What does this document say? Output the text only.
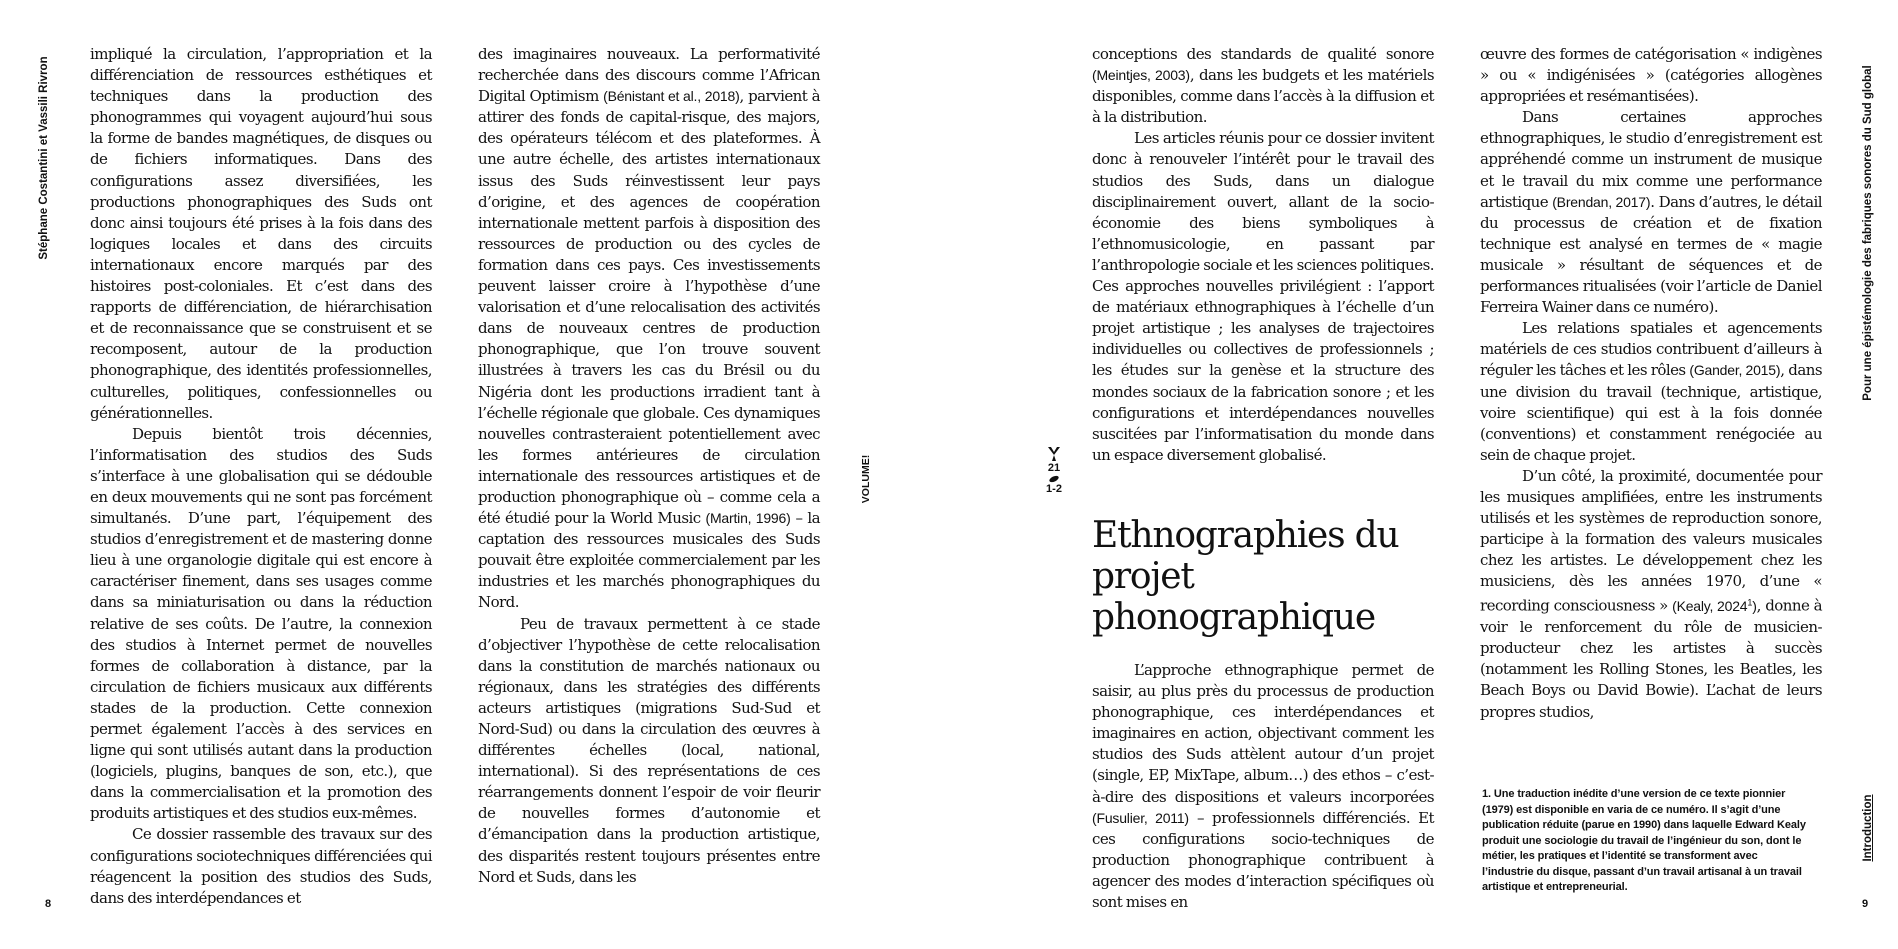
Stéphane Costantini et Vassili Rivron

impliqué la circulation, l’appropriation et la différenciation de ressources esthétiques et techniques dans la production des phonogrammes qui voyagent aujourd’hui sous la forme de bandes magnétiques, de disques ou de fichiers informatiques. Dans des configurations assez diversifiées, les productions phonographiques des Suds ont donc ainsi toujours été prises à la fois dans des logiques locales et dans des circuits internationaux encore marqués par des histoires post-coloniales. Et c’est dans des rapports de différenciation, de hiérarchisation et de reconnaissance que se construisent et se recomposent, autour de la production phonographique, des identités professionnelles, culturelles, politiques, confessionnelles ou générationnelles.

Depuis bientôt trois décennies, l’informatisation des studios des Suds s’interface à une globalisation qui se dédouble en deux mouvements qui ne sont pas forcément simultanés. D’une part, l’équipement des studios d’enregistrement et de mastering donne lieu à une organologie digitale qui est encore à caractériser finement, dans ses usages comme dans sa miniaturisation ou dans la réduction relative de ses coûts. De l’autre, la connexion des studios à Internet permet de nouvelles formes de collaboration à distance, par la circulation de fichiers musicaux aux différents stades de la production. Cette connexion permet également l’accès à des services en ligne qui sont utilisés autant dans la production (logiciels, plugins, banques de son, etc.), que dans la commercialisation et la promotion des produits artistiques et des studios eux-mêmes.

Ce dossier rassemble des travaux sur des configurations sociotechniques différenciées qui réagencent la position des studios des Suds, dans des interdépendances et

des imaginaires nouveaux. La performativité recherchée dans des discours comme l’African Digital Optimism (Bénistant et al., 2018), parvient à attirer des fonds de capital-risque, des majors, des opérateurs télécom et des plateformes. À une autre échelle, des artistes internationaux issus des Suds réinvestissent leur pays d’origine, et des agences de coopération internationale mettent parfois à disposition des ressources de production ou des cycles de formation dans ces pays. Ces investissements peuvent laisser croire à l’hypothèse d’une valorisation et d’une relocalisation des activités dans de nouveaux centres de production phonographique, que l’on trouve souvent illustrées à travers les cas du Brésil ou du Nigéria dont les productions irradient tant à l’échelle régionale que globale. Ces dynamiques nouvelles contrasteraient potentiellement avec les formes antérieures de circulation internationale des ressources artistiques et de production phonographique où – comme cela a été étudié pour la World Music (Martin, 1996) – la captation des ressources musicales des Suds pouvait être exploitée commercialement par les industries et les marchés phonographiques du Nord.

Peu de travaux permettent à ce stade d’objectiver l’hypothèse de cette relocalisation dans la constitution de marchés nationaux ou régionaux, dans les stratégies des différents acteurs artistiques (migrations Sud-Sud et Nord-Sud) ou dans la circulation des œuvres à différentes échelles (local, national, international). Si des représentations de ces réarrangements donnent l’espoir de voir fleurir de nouvelles formes d’autonomie et d’émancipation dans la production artistique, des disparités restent toujours présentes entre Nord et Suds, dans les

VOLUME!	21
1-2

conceptions des standards de qualité sonore (Meintjes, 2003), dans les budgets et les matériels disponibles, comme dans l’accès à la diffusion et à la distribution.

Les articles réunis pour ce dossier invitent donc à renouveler l’intérêt pour le travail des studios des Suds, dans un dialogue disciplinairement ouvert, allant de la socio-économie des biens symboliques à l’ethnomusicologie, en passant par l’anthropologie sociale et les sciences politiques. Ces approches nouvelles privilégient : l’apport de matériaux ethnographiques à l’échelle d’un projet artistique ; les analyses de trajectoires individuelles ou collectives de professionnels ; les études sur la genèse et la structure des mondes sociaux de la fabrication sonore ; et les configurations et interdépendances nouvelles suscitées par l’informatisation du monde dans un espace diversement globalisé.

Ethnographies du projet phonographique

L’approche ethnographique permet de saisir, au plus près du processus de production phonographique, ces interdépendances et imaginaires en action, objectivant comment les studios des Suds attèlent autour d’un projet (single, EP, MixTape, album…) des ethos – c’est-à-dire des dispositions et valeurs incorporées (Fusulier, 2011) – professionnels différenciés. Et ces configurations socio-techniques de production phonographique contribuent à agencer des modes d’interaction spécifiques où sont mises en

œuvre des formes de catégorisation « indigènes » ou « indigénisées » (catégories allogènes appropriées et resémantisées).

Dans certaines approches ethnographiques, le studio d’enregistrement est appréhendé comme un instrument de musique et le travail du mix comme une performance artistique (Brendan, 2017). Dans d’autres, le détail du processus de création et de fixation technique est analysé en termes de « magie musicale » résultant de séquences et de performances ritualisées (voir l’article de Daniel Ferreira Wainer dans ce numéro).

Les relations spatiales et agencements matériels de ces studios contribuent d’ailleurs à réguler les tâches et les rôles (Gander, 2015), dans une division du travail (technique, artistique, voire scientifique) qui est à la fois donnée (conventions) et constamment renégociée au sein de chaque projet.

D’un côté, la proximité, documentée pour les musiques amplifiées, entre les instruments utilisés et les systèmes de reproduction sonore, participe à la formation des valeurs musicales chez les artistes. Le développement chez les musiciens, dès les années 1970, d’une « recording consciousness » (Kealy, 2024$^1$), donne à voir le renforcement du rôle de musicien-producteur chez les artistes à succès (notamment les Rolling Stones, les Beatles, les Beach Boys ou David Bowie). L’achat de leurs propres studios,

1. Une traduction inédite d’une version de ce texte pionnier (1979) est disponible en varia de ce numéro. Il s’agit d’une publication réduite (parue en 1990) dans laquelle Edward Kealy produit une sociologie du travail de l’ingénieur du son, dont le métier, les pratiques et l’identité se transforment avec l’industrie du disque, passant d’un travail artisanal à un travail artistique et entrepreneurial.

Pour une épistémologie des fabriques sonores du Sud global
Introduction
8	9
